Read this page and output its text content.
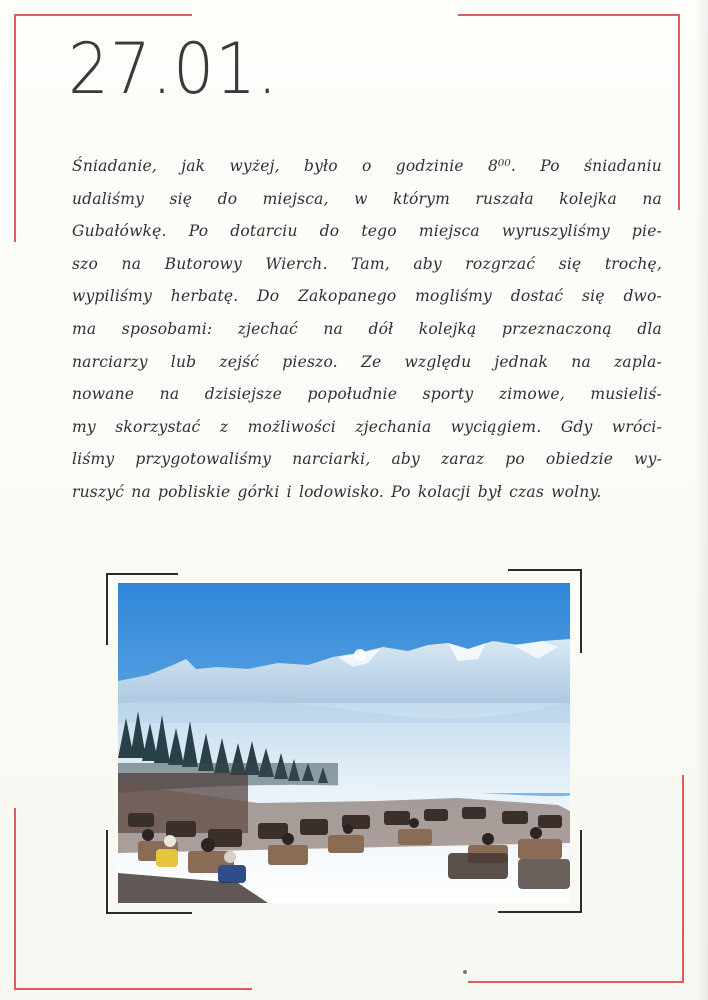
27.01.
Śniadanie, jak wyżej, było o godzinie 8⁰⁰. Po śniadaniu
udaliśmy się do miejsca, w którym ruszała kolejka na
Gubałówkę. Po dotarciu do tego miejsca wyruszyliśmy pie-
szo na Butorowy Wierch. Tam, aby rozgrzać się trochę,
wypiliśmy herbatę. Do Zakopanego mogliśmy dostać się dwo-
ma sposobami: zjechać na dół kolejką przeznaczoną dla
narciarzy lub zejść pieszo. Ze względu jednak na zapla-
nowane na dzisiejsze popołudnie sporty zimowe, musieliś-
my skorzystać z możliwości zjechania wyciągiem. Gdy wróci-
liśmy przygotowaliśmy narciarki, aby zaraz po obiedzie wy-
ruszyć na pobliskie górki i lodowisko. Po kolacji był czas wolny.
